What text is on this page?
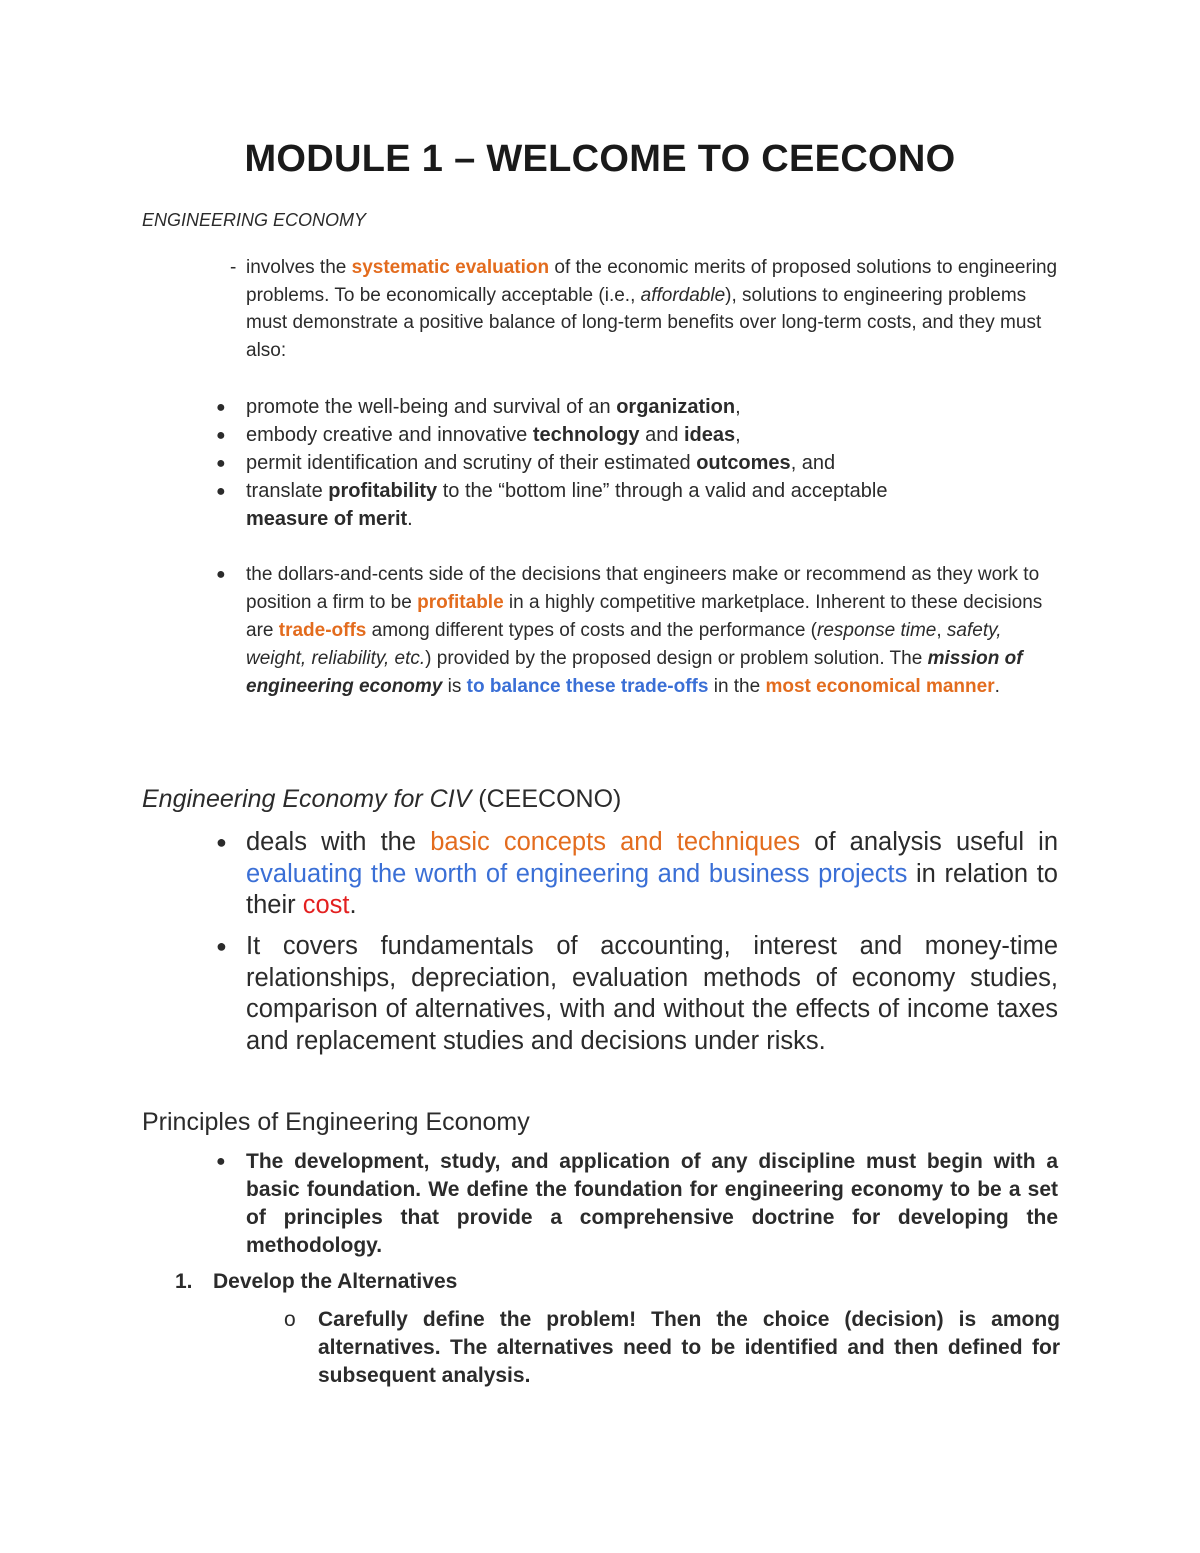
MODULE 1 – WELCOME TO CEECONO
ENGINEERING ECONOMY
- involves the systematic evaluation of the economic merits of proposed solutions to engineering problems. To be economically acceptable (i.e., affordable), solutions to engineering problems must demonstrate a positive balance of long-term benefits over long-term costs, and they must also:
● promote the well-being and survival of an organization,
● embody creative and innovative technology and ideas,
● permit identification and scrutiny of their estimated outcomes, and
● translate profitability to the “bottom line” through a valid and acceptable measure of merit.
● the dollars-and-cents side of the decisions that engineers make or recommend as they work to position a firm to be profitable in a highly competitive marketplace. Inherent to these decisions are trade-offs among different types of costs and the performance (response time, safety, weight, reliability, etc.) provided by the proposed design or problem solution. The mission of engineering economy is to balance these trade-offs in the most economical manner.
Engineering Economy for CIV (CEECONO)
● deals with the basic concepts and techniques of analysis useful in evaluating the worth of engineering and business projects in relation to their cost.
● It covers fundamentals of accounting, interest and money-time relationships, depreciation, evaluation methods of economy studies, comparison of alternatives, with and without the effects of income taxes and replacement studies and decisions under risks.
Principles of Engineering Economy
● The development, study, and application of any discipline must begin with a basic foundation. We define the foundation for engineering economy to be a set of principles that provide a comprehensive doctrine for developing the methodology.
1. Develop the Alternatives
o Carefully define the problem! Then the choice (decision) is among alternatives. The alternatives need to be identified and then defined for subsequent analysis.
